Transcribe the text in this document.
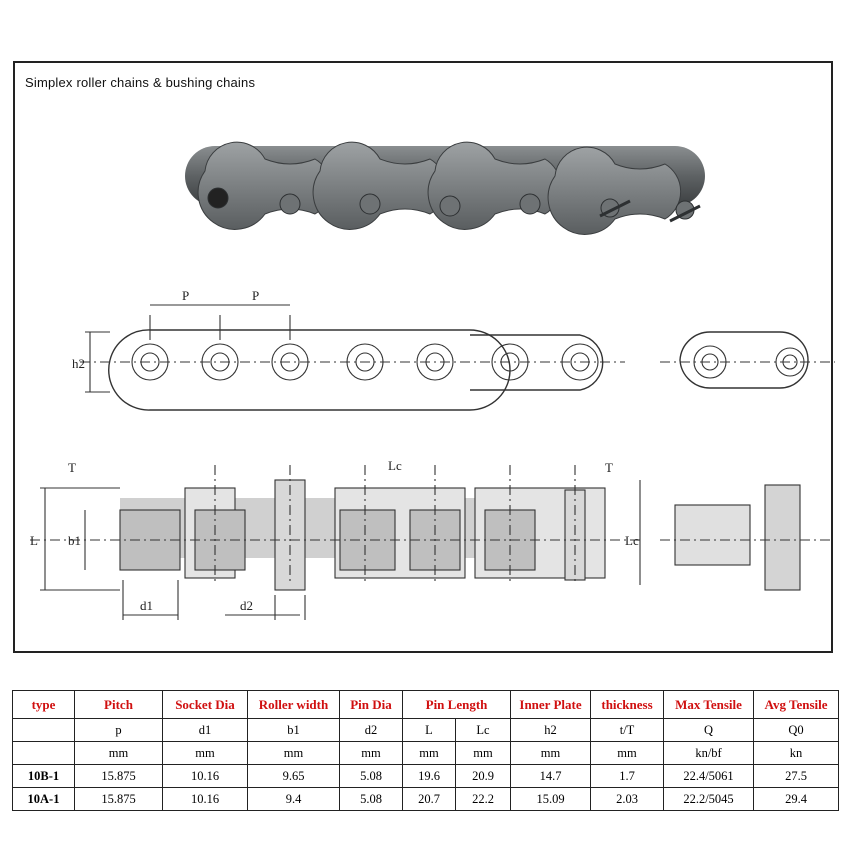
Simplex roller chains & bushing chains
P	P
h2
T
L
Lc
Lc
b1
d1	d2
T
type	Pitch	Socket Dia	Roller width	Pin Dia	Pin Length		Inner Plate	thickness	Max Tensile	Avg Tensile
	p	d1	b1	d2	L	Lc	h2	t/T	Q	Q0
	mm	mm	mm	mm	mm	mm	mm	mm	kn/bf	kn
10B-1	15.875	10.16	9.65	5.08	19.6	20.9	14.7	1.7	22.4/5061	27.5
10A-1	15.875	10.16	9.4	5.08	20.7	22.2	15.09	2.03	22.2/5045	29.4
